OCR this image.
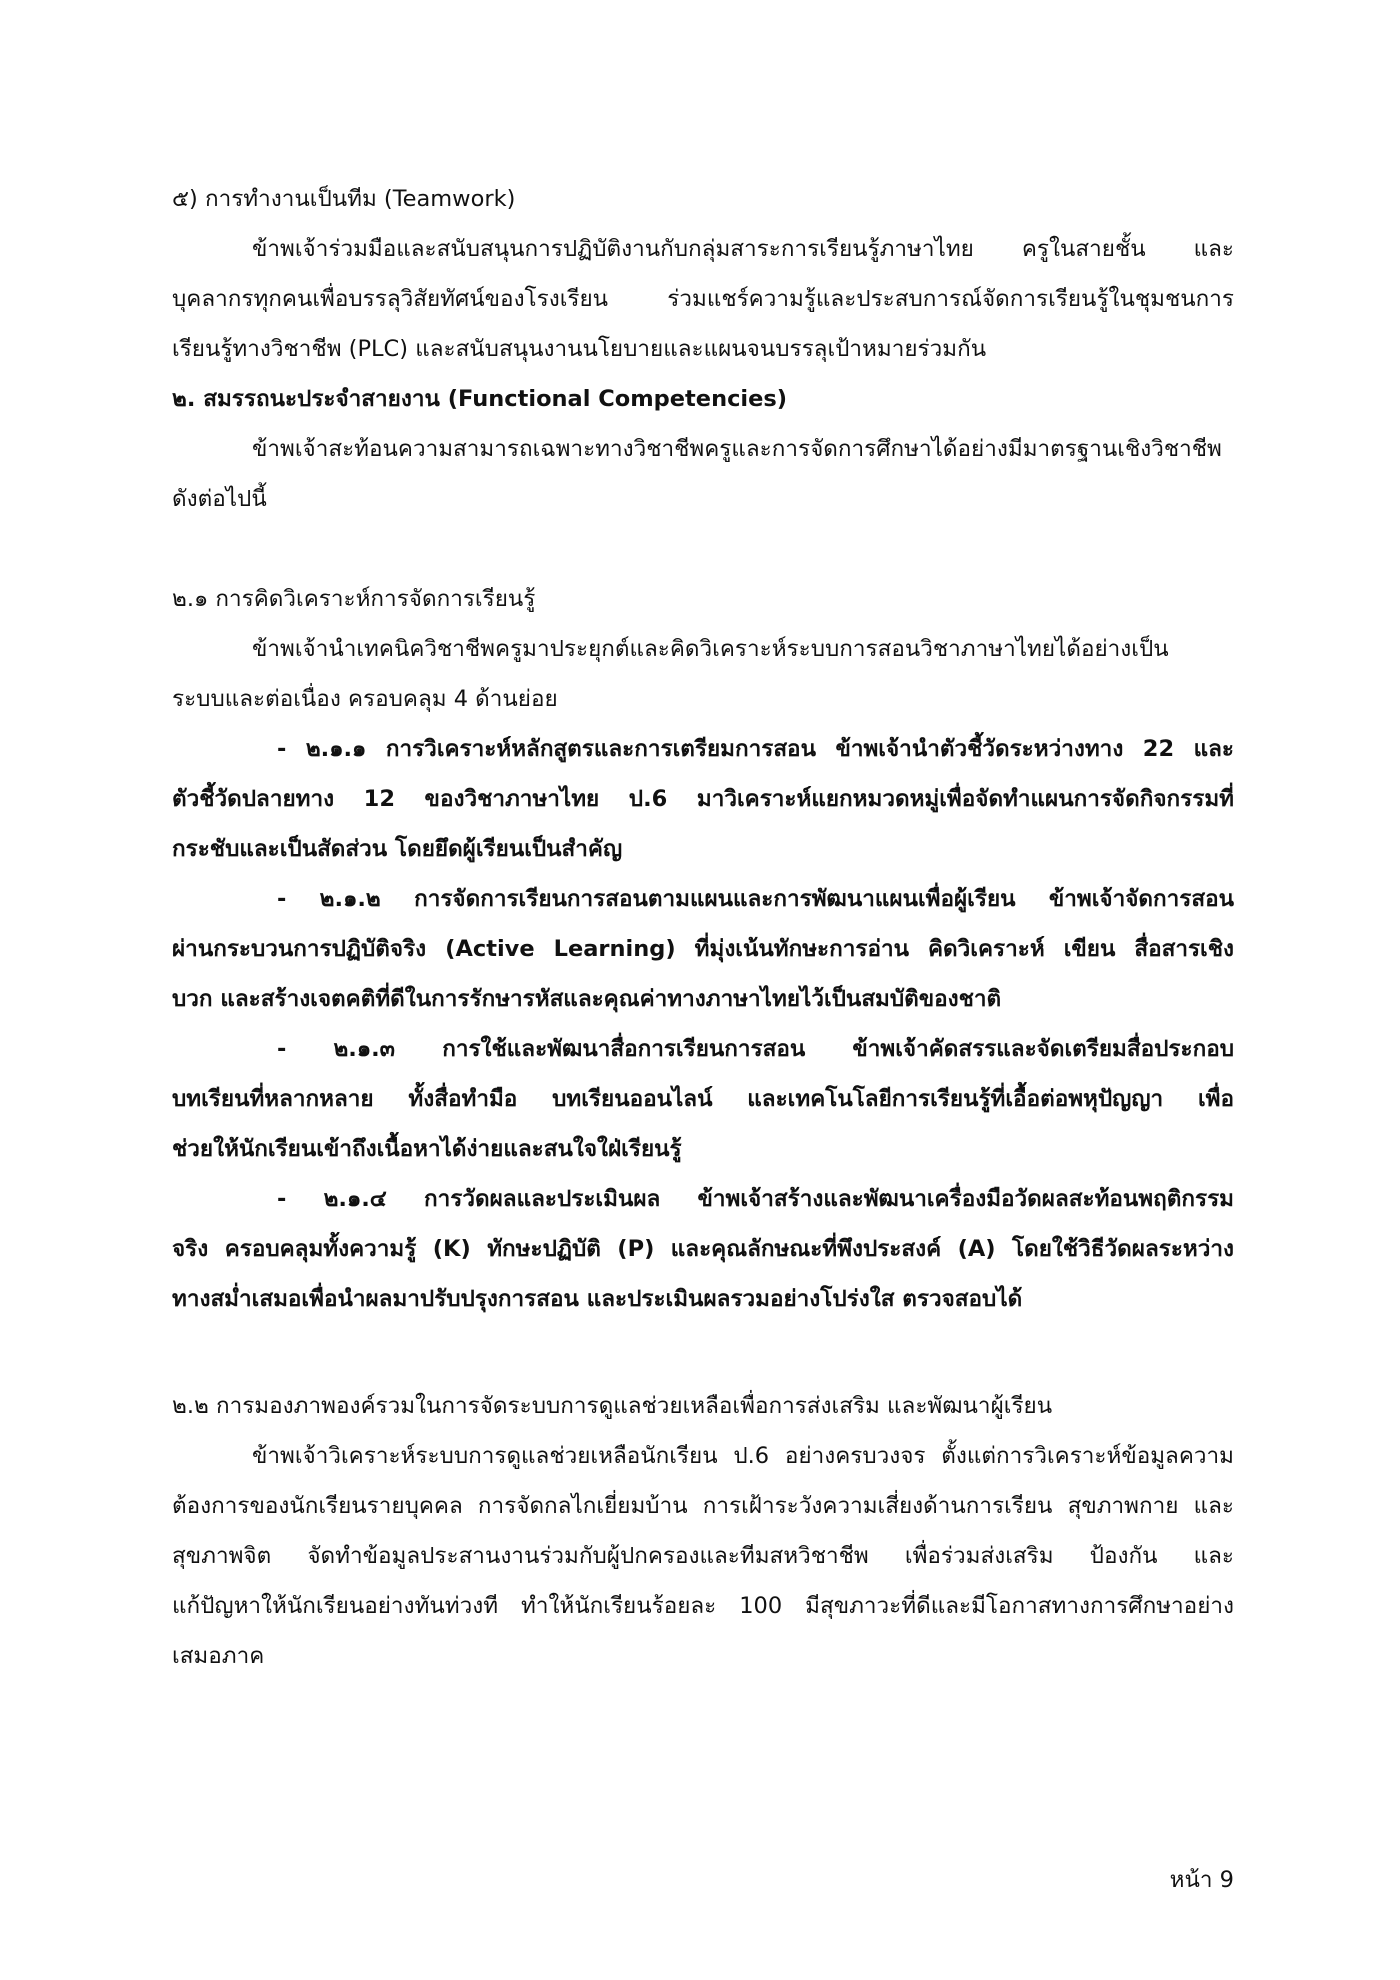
๕) การทำงานเป็นทีม (Teamwork)

ข้าพเจ้าร่วมมือและสนับสนุนการปฏิบัติงานกับกลุ่มสาระการเรียนรู้ภาษาไทย ครูในสายชั้น และ

บุคลากรทุกคนเพื่อบรรลุวิสัยทัศน์ของโรงเรียน ร่วมแชร์ความรู้และประสบการณ์จัดการเรียนรู้ในชุมชนการ

เรียนรู้ทางวิชาชีพ (PLC) และสนับสนุนงานนโยบายและแผนจนบรรลุเป้าหมายร่วมกัน

๒. สมรรถนะประจำสายงาน (Functional Competencies)

ข้าพเจ้าสะท้อนความสามารถเฉพาะทางวิชาชีพครูและการจัดการศึกษาได้อย่างมีมาตรฐานเชิงวิชาชีพ

ดังต่อไปนี้

๒.๑ การคิดวิเคราะห์การจัดการเรียนรู้

ข้าพเจ้านำเทคนิควิชาชีพครูมาประยุกต์และคิดวิเคราะห์ระบบการสอนวิชาภาษาไทยได้อย่างเป็น

ระบบและต่อเนื่อง ครอบคลุม 4 ด้านย่อย

- ๒.๑.๑ การวิเคราะห์หลักสูตรและการเตรียมการสอน ข้าพเจ้านำตัวชี้วัดระหว่างทาง 22 และ

ตัวชี้วัดปลายทาง 12 ของวิชาภาษาไทย ป.6 มาวิเคราะห์แยกหมวดหมู่เพื่อจัดทำแผนการจัดกิจกรรมที่

กระชับและเป็นสัดส่วน โดยยึดผู้เรียนเป็นสำคัญ

- ๒.๑.๒ การจัดการเรียนการสอนตามแผนและการพัฒนาแผนเพื่อผู้เรียน ข้าพเจ้าจัดการสอน

ผ่านกระบวนการปฏิบัติจริง (Active Learning) ที่มุ่งเน้นทักษะการอ่าน คิดวิเคราะห์ เขียน สื่อสารเชิง

บวก และสร้างเจตคติที่ดีในการรักษารหัสและคุณค่าทางภาษาไทยไว้เป็นสมบัติของชาติ

- ๒.๑.๓ การใช้และพัฒนาสื่อการเรียนการสอน ข้าพเจ้าคัดสรรและจัดเตรียมสื่อประกอบ

บทเรียนที่หลากหลาย ทั้งสื่อทำมือ บทเรียนออนไลน์ และเทคโนโลยีการเรียนรู้ที่เอื้อต่อพหุปัญญา เพื่อ

ช่วยให้นักเรียนเข้าถึงเนื้อหาได้ง่ายและสนใจใฝ่เรียนรู้

- ๒.๑.๔ การวัดผลและประเมินผล ข้าพเจ้าสร้างและพัฒนาเครื่องมือวัดผลสะท้อนพฤติกรรม

จริง ครอบคลุมทั้งความรู้ (K) ทักษะปฏิบัติ (P) และคุณลักษณะที่พึงประสงค์ (A) โดยใช้วิธีวัดผลระหว่าง

ทางสม่ำเสมอเพื่อนำผลมาปรับปรุงการสอน และประเมินผลรวมอย่างโปร่งใส ตรวจสอบได้

๒.๒ การมองภาพองค์รวมในการจัดระบบการดูแลช่วยเหลือเพื่อการส่งเสริม และพัฒนาผู้เรียน

ข้าพเจ้าวิเคราะห์ระบบการดูแลช่วยเหลือนักเรียน ป.6 อย่างครบวงจร ตั้งแต่การวิเคราะห์ข้อมูลความ

ต้องการของนักเรียนรายบุคคล การจัดกลไกเยี่ยมบ้าน การเฝ้าระวังความเสี่ยงด้านการเรียน สุขภาพกาย และ

สุขภาพจิต จัดทำข้อมูลประสานงานร่วมกับผู้ปกครองและทีมสหวิชาชีพ เพื่อร่วมส่งเสริม ป้องกัน และ

แก้ปัญหาให้นักเรียนอย่างทันท่วงที ทำให้นักเรียนร้อยละ 100 มีสุขภาวะที่ดีและมีโอกาสทางการศึกษาอย่าง

เสมอภาค

หน้า 9
